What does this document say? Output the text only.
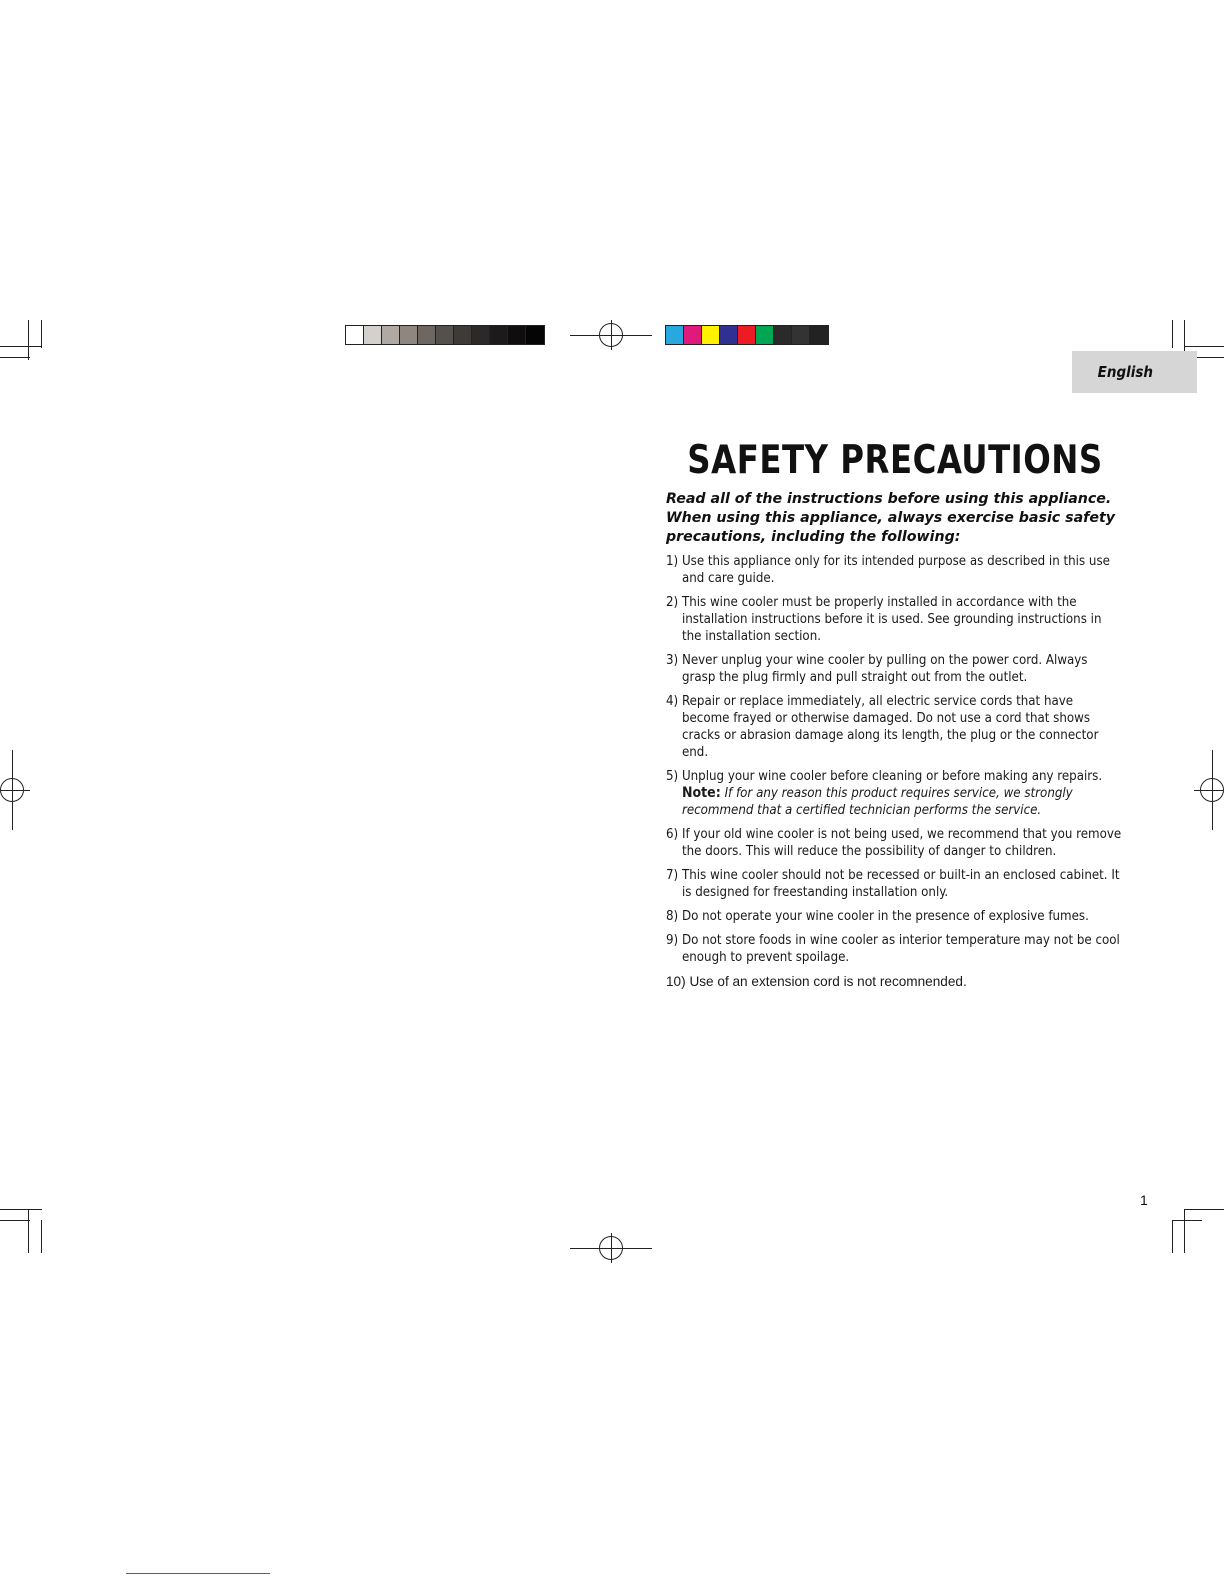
English
SAFETY PRECAUTIONS
Read all of the instructions before using this appliance.
When using this appliance, always exercise basic safety
precautions, including the following:
1)
Use this appliance only for its intended purpose as described in this use and care guide.
2)
This wine cooler must be properly installed in accordance with the installation instructions before it is used. See grounding instructions in the installation section.
3)
Never unplug your wine cooler by pulling on the power cord. Always grasp the plug firmly and pull straight out from the outlet.
4)
Repair or replace immediately, all electric service cords that have become frayed or otherwise damaged. Do not use a cord that shows cracks or abrasion damage along its length, the plug or the connector end.
5)
Unplug your wine cooler before cleaning or before making any repairs.
Note: If for any reason this product requires service, we strongly recommend that a certified technician performs the service.
6)
If your old wine cooler is not being used, we recommend that you remove the doors. This will reduce the possibility of danger to children.
7)
This wine cooler should not be recessed or built-in an enclosed cabinet. It is designed for freestanding installation only.
8)
Do not operate your wine cooler in the presence of explosive fumes.
9)
Do not store foods in wine cooler as interior temperature may not be cool enough to prevent spoilage.
10)
Use of an extension cord is not recomnended.
1
